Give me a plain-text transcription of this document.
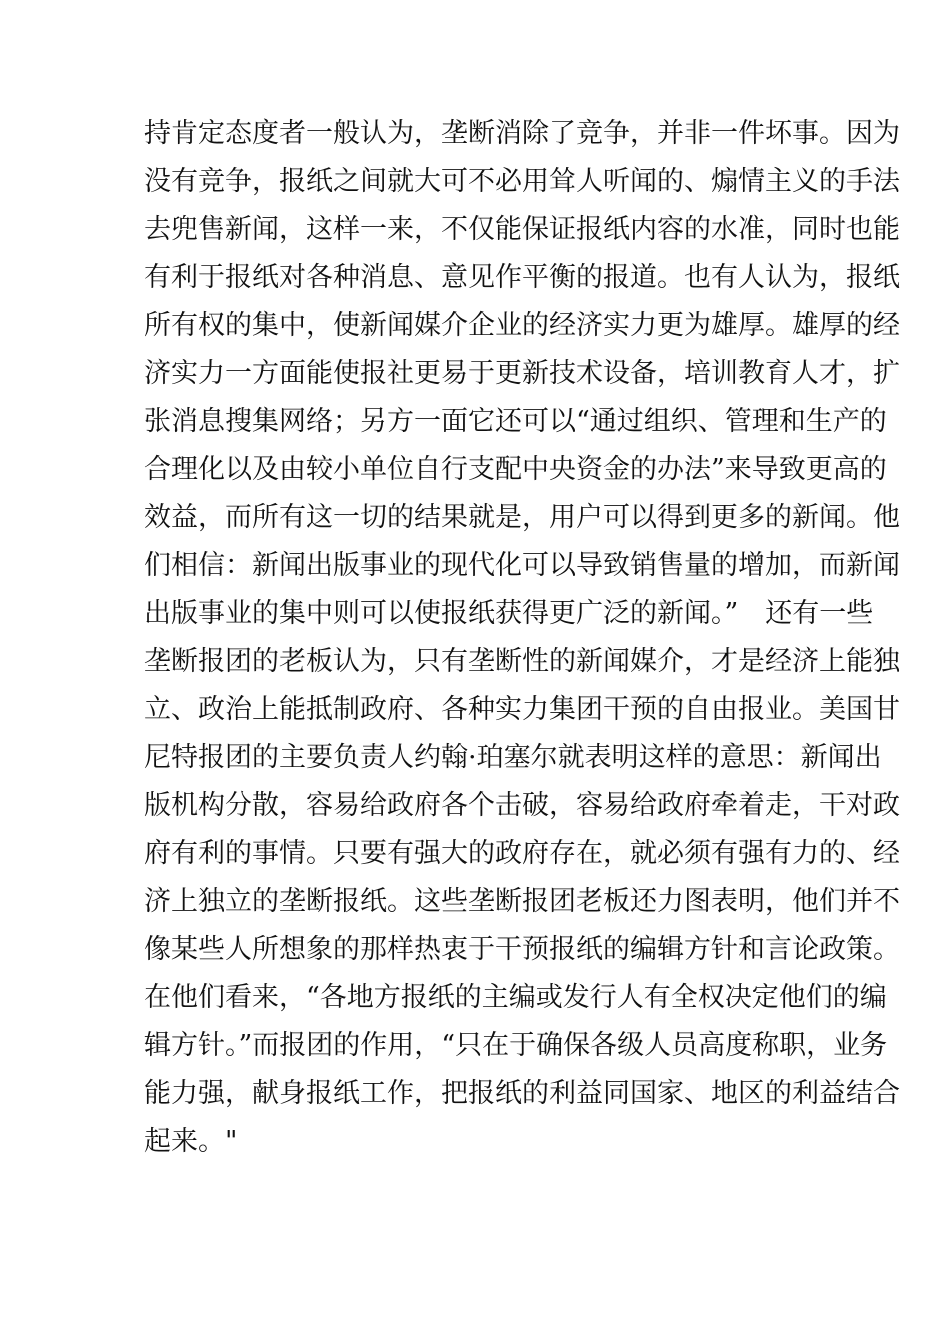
持肯定态度者一般认为，垄断消除了竞争，并非一件坏事。因为
没有竞争，报纸之间就大可不必用耸人听闻的、煽情主义的手法
去兜售新闻，这样一来，不仅能保证报纸内容的水准，同时也能
有利于报纸对各种消息、意见作平衡的报道。也有人认为，报纸
所有权的集中，使新闻媒介企业的经济实力更为雄厚。雄厚的经
济实力一方面能使报社更易于更新技术设备，培训教育人才，扩
张消息搜集网络；另方一面它还可以“通过组织、管理和生产的
合理化以及由较小单位自行支配中央资金的办法”来导致更高的
效益，而所有这一切的结果就是，用户可以得到更多的新闻。他
们相信：新闻出版事业的现代化可以导致销售量的增加，而新闻
出版事业的集中则可以使报纸获得更广泛的新闻。”　还有一些
垄断报团的老板认为，只有垄断性的新闻媒介，才是经济上能独
立、政治上能抵制政府、各种实力集团干预的自由报业。美国甘
尼特报团的主要负责人约翰·珀塞尔就表明这样的意思：新闻出
版机构分散，容易给政府各个击破，容易给政府牵着走，干对政
府有利的事情。只要有强大的政府存在，就必须有强有力的、经
济上独立的垄断报纸。这些垄断报团老板还力图表明，他们并不
像某些人所想象的那样热衷于干预报纸的编辑方针和言论政策。
在他们看来，“各地方报纸的主编或发行人有全权决定他们的编
辑方针。”而报团的作用，“只在于确保各级人员高度称职，业务
能力强，献身报纸工作，把报纸的利益同国家、地区的利益结合
起来。"
